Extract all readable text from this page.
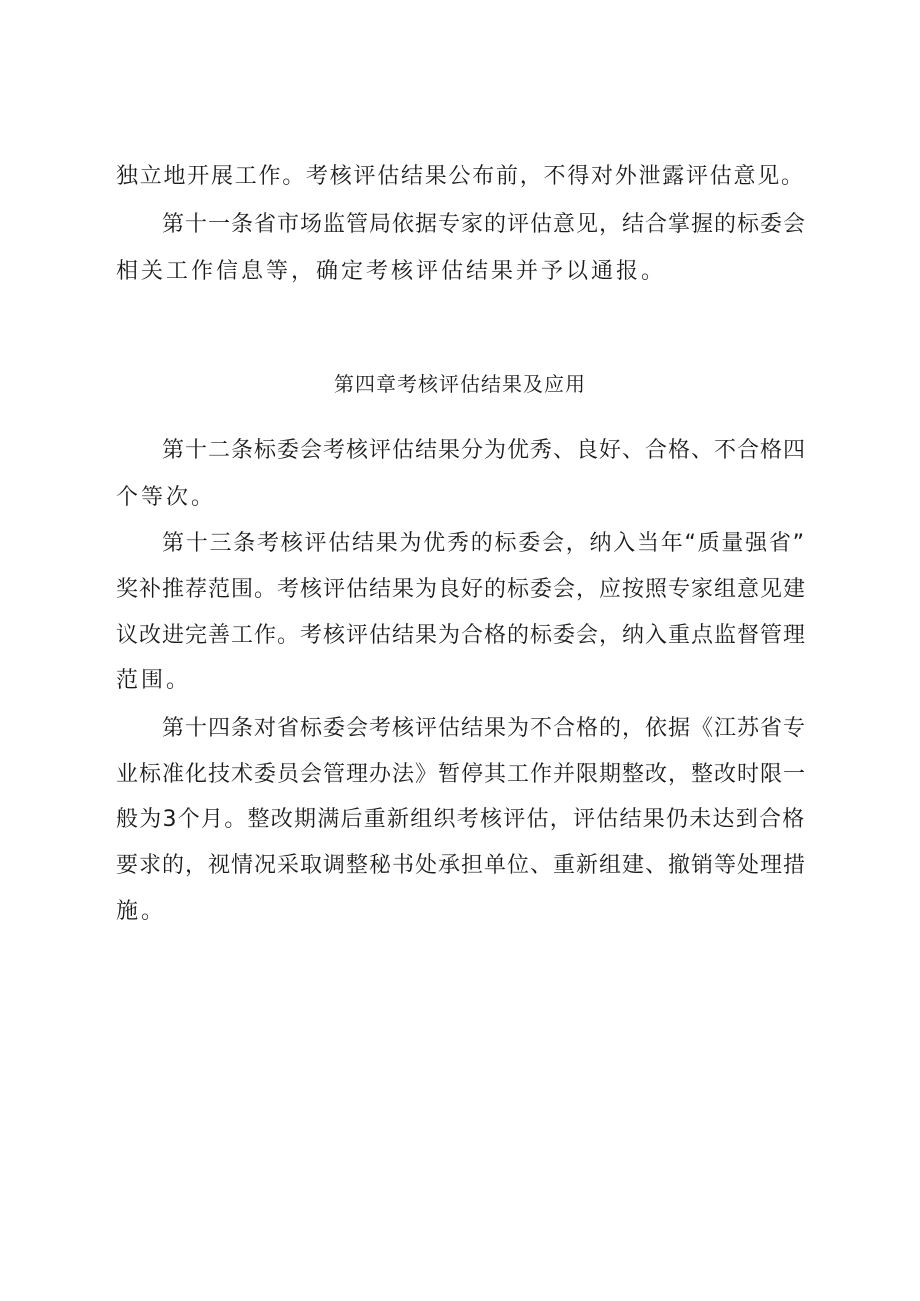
独立地开展工作。考核评估结果公布前，不得对外泄露评估意见。
第十一条省市场监管局依据专家的评估意见，结合掌握的标委会
相关工作信息等，确定考核评估结果并予以通报。
第四章考核评估结果及应用
第十二条标委会考核评估结果分为优秀、良好、合格、不合格四
个等次。
第十三条考核评估结果为优秀的标委会，纳入当年“质量强省”
奖补推荐范围。考核评估结果为良好的标委会，应按照专家组意见建
议改进完善工作。考核评估结果为合格的标委会，纳入重点监督管理
范围。
第十四条对省标委会考核评估结果为不合格的，依据《江苏省专
业标准化技术委员会管理办法》暂停其工作并限期整改，整改时限一
般为3个月。整改期满后重新组织考核评估，评估结果仍未达到合格
要求的，视情况采取调整秘书处承担单位、重新组建、撤销等处理措
施。
